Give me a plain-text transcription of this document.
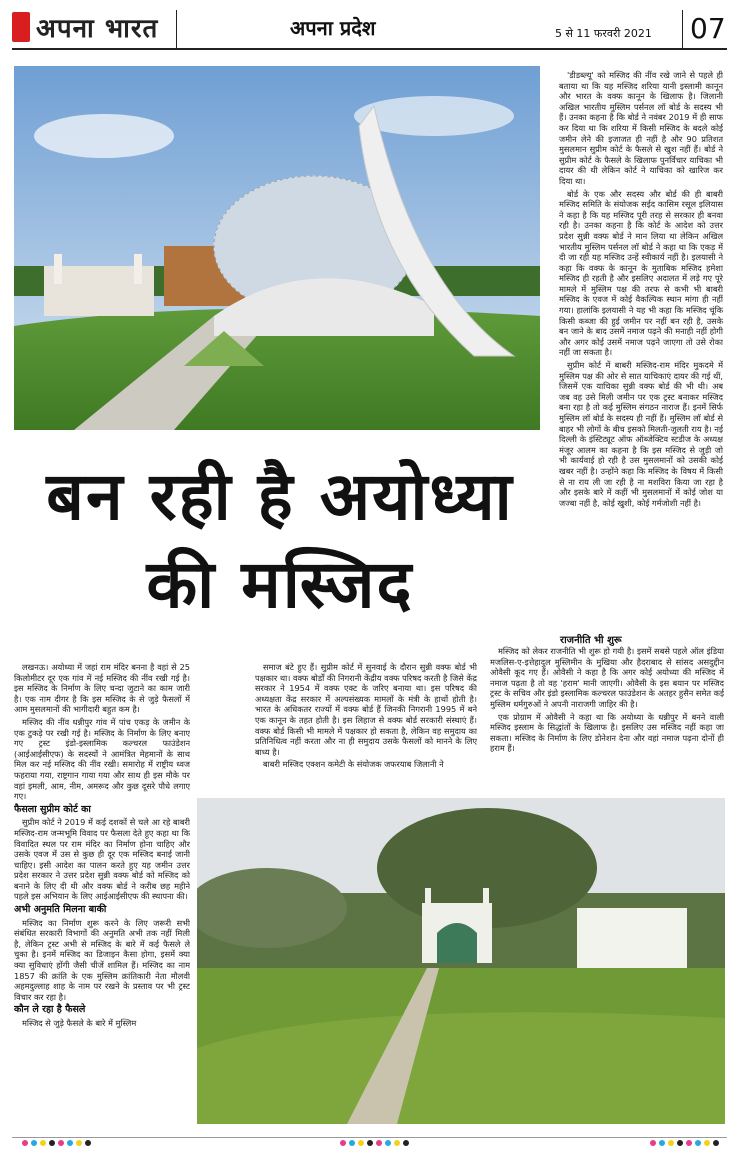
अपना भारत	अपना प्रदेश	5 से 11 फरवरी 2021 07
बन रही है अयोध्या
की मस्जिद

'डीडब्ल्यू' को मस्जिद की नींव रखे जाने से पहले ही बताया था कि यह मस्जिद शरिया यानी इस्लामी कानून और भारत के वक्फ कानून के खिलाफ है। जिलानी अखिल भारतीय मुस्लिम पर्सनल लॉ बोर्ड के सदस्य भी हैं। उनका कहना है कि बोर्ड ने नवंबर 2019 में ही साफ कर दिया था कि शरिया में किसी मस्जिद के बदले कोई जमीन लेने की इजाजत ही नहीं है और 90 प्रतिशत मुसलमान सुप्रीम कोर्ट के फैसले से खुश नहीं हैं। बोर्ड ने सुप्रीम कोर्ट के फैसले के खिलाफ पुनर्विचार याचिका भी दायर की थी लेकिन कोर्ट ने याचिका को खारिज कर दिया था।

बोर्ड के एक और सदस्य और बोर्ड की ही बाबरी मस्जिद समिति के संयोजक सईद कासिम रसूल इलियास ने कहा है कि यह मस्जिद पूरी तरह से सरकार ही बनवा रही है। उनका कहना है कि कोर्ट के आदेश को उत्तर प्रदेश सुन्नी वक्फ बोर्ड ने मान लिया था लेकिन अखिल भारतीय मुस्लिम पर्सनल लॉ बोर्ड ने कहा था कि एकड़ में दी जा रही यह मस्जिद उन्हें स्वीकार्य नहीं है। इलयासी ने कहा कि वक्फ के कानून के मुताबिक मस्जिद हमेशा मस्जिद ही रहती है और इसलिए अदालत में लड़े गए पूरे मामले में मुस्लिम पक्ष की तरफ से कभी भी बाबरी मस्जिद के एवज में कोई वैकल्पिक स्थान मांगा ही नहीं गया। हालांकि इलयासी ने यह भी कहा कि मस्जिद चूंकि किसी कब्जा की हुई जमीन पर नहीं बन रही है, उसके बन जाने के बाद उसमें नमाज पढ़ने की मनाही नहीं होगी और अगर कोई उसमें नमाज पढ़ने जाएगा तो उसे रोका नहीं जा सकता है।

सुप्रीम कोर्ट में बाबरी मस्जिद-राम मंदिर मुकदमे में मुस्लिम पक्ष की ओर से सात याचिकाएं दायर की गई थीं, जिसमें एक याचिका सुन्नी वक्फ बोर्ड की भी थी। अब जब वह उसे मिली जमीन पर एक ट्रस्ट बनाकर मस्जिद बना रहा है तो कई मुस्लिम संगठन नाराज हैं। इनमें सिर्फ मुस्लिम लॉ बोर्ड के सदस्य ही नहीं हैं। मुस्लिम लॉ बोर्ड से बाहर भी लोगों के बीच इसको मिलती-जुलती राय है। नई दिल्ली के इंस्टिट्यूट ऑफ ऑब्जेक्टिव स्टडीज के अध्यक्ष मंजूर आलम का कहना है कि इस मस्जिद से जुड़ी जो भी कार्यवाई हो रही है उस मुसलमानों को उसकी कोई खबर नहीं है। उन्होंने कहा कि मस्जिद के विषय में किसी से ना राय ली जा रही है ना मशविरा किया जा रहा है और इसके बारे में कहीं भी मुसलमानों में कोई जोश या जज्बा नहीं है, कोई खुशी, कोई गर्मजोशी नहीं है।

राजनीति भी शुरू

लखनऊ। अयोध्या में जहां राम मंदिर बनना है वहां से 25 किलोमीटर दूर एक गांव में नई मस्जिद की नींव रखी गई है। इस मस्जिद के निर्माण के लिए चन्दा जुटाने का काम जारी है। एक नाम दीगर है कि इस मस्जिद के से जुड़े फैसलों में आम मुसलमानों की भागीदारी बहुत कम है।

मस्जिद की नींव धन्नीपुर गांव में पांच एकड़ के जमीन के एक टुकड़े पर रखी गई है। मस्जिद के निर्माण के लिए बनाए गए ट्रस्ट इंडो-इस्लामिक कल्चरल फाउंडेशन (आईआईसीएफ) के सदस्यों ने आमंत्रित मेहमानों के साथ मिल कर नई मस्जिद की नींव रखी। समारोह में राष्ट्रीय ध्वज फहराया गया, राष्ट्रगान गाया गया और साथ ही इस मौके पर वहां इमली, आम, नीम, अमरूद और कुछ दूसरे पौधे लगाए गए।

फैसला सुप्रीम कोर्ट का

सुप्रीम कोर्ट ने 2019 में कई दशकों से चले आ रहे बाबरी मस्जिद-राम जन्मभूमि विवाद पर फैसला देते हुए कहा था कि विवादित स्थल पर राम मंदिर का निर्माण होना चाहिए और उसके एवज में उस से कुछ ही दूर एक मस्जिद बनाई जानी चाहिए। इसी आदेश का पालन करते हुए यह जमीन उत्तर प्रदेश सरकार ने उत्तर प्रदेश सुन्नी वक्फ बोर्ड को मस्जिद को बनाने के लिए दी थी और वक्फ बोर्ड ने करीब छह महीने पहले इस अभियान के लिए आईआईसीएफ की स्थापना की।

अभी अनुमति मिलना बाकी

मस्जिद का निर्माण शुरू करने के लिए जरूरी सभी संबंधित सरकारी विभागों की अनुमति अभी तक नहीं मिली है, लेकिन ट्रस्ट अभी से मस्जिद के बारे में कई फैसले ले चुका है। इनमें मस्जिद का डिजाइन कैसा होगा, इसमें क्या क्या सुविधाएं होंगी जैसी चीजें शामिल हैं। मस्जिद का नाम 1857 की क्रांति के एक मुस्लिम क्रांतिकारी नेता मौलवी अहमदुल्लाह शाह के नाम पर रखने के प्रस्ताव पर भी ट्रस्ट विचार कर रहा है।

कौन ले रहा है फैसले

मस्जिद से जुड़े फैसले के बारे में मुस्लिम

समाज बंटे हुए हैं। सुप्रीम कोर्ट में सुनवाई के दौरान सुन्नी वक्फ बोर्ड भी पक्षकार था। वक्फ बोर्डों की निगरानी केंद्रीय वक्फ परिषद करती है जिसे केंद्र सरकार ने 1954 में वक्फ एक्ट के जरिए बनाया था। इस परिषद की अध्यक्षता केंद्र सरकार में अल्पसंख्यक मामलों के मंत्री के हाथों होती है। भारत के अधिकतर राज्यों में वक्फ बोर्ड हैं जिनकी निगरानी 1995 में बने एक कानून के तहत होती है। इस लिहाज से वक्फ बोर्ड सरकारी संस्थाएं हैं। वक्फ बोर्ड किसी भी मामले में पक्षकार हो सकता है, लेकिन वह समुदाय का प्रतिनिधित्व नहीं करता और ना ही समुदाय उसके फैसलों को मानने के लिए बाध्य है।

बाबरी मस्जिद एक्शन कमेटी के संयोजक जफरयाब जिलानी ने

मस्जिद को लेकर राजनीति भी शुरू हो गयी है। इसमें सबसे पहले ऑल इंडिया मजलिस-ए-इत्तेहादुल मुस्लिमीन के मुखिया और हैदराबाद से सांसद असदुद्दीन ओवैसी कूद गए हैं। ओवैसी ने कहा है कि अगर कोई अयोध्या की मस्जिद में नमाज पढ़ता है तो वह 'हराम' मानी जाएगी। ओवैसी के इस बयान पर मस्जिद ट्रस्ट के सचिव और इंडो इस्लामिक कल्चरल फाउंडेशन के अतहर हुसैन समेत कई मुस्लिम धर्मगुरुओं ने अपनी नाराजगी जाहिर की है।

एक प्रोग्राम में ओवैसी ने कहा था कि अयोध्या के धन्नीपुर में बनने वाली मस्जिद इस्लाम के सिद्धांतों के खिलाफ है। इसलिए उस मस्जिद नहीं कहा जा सकता। मस्जिद के निर्माण के लिए डोनेशन देना और वहां नमाज पढ़ना दोनों ही हराम हैं।
